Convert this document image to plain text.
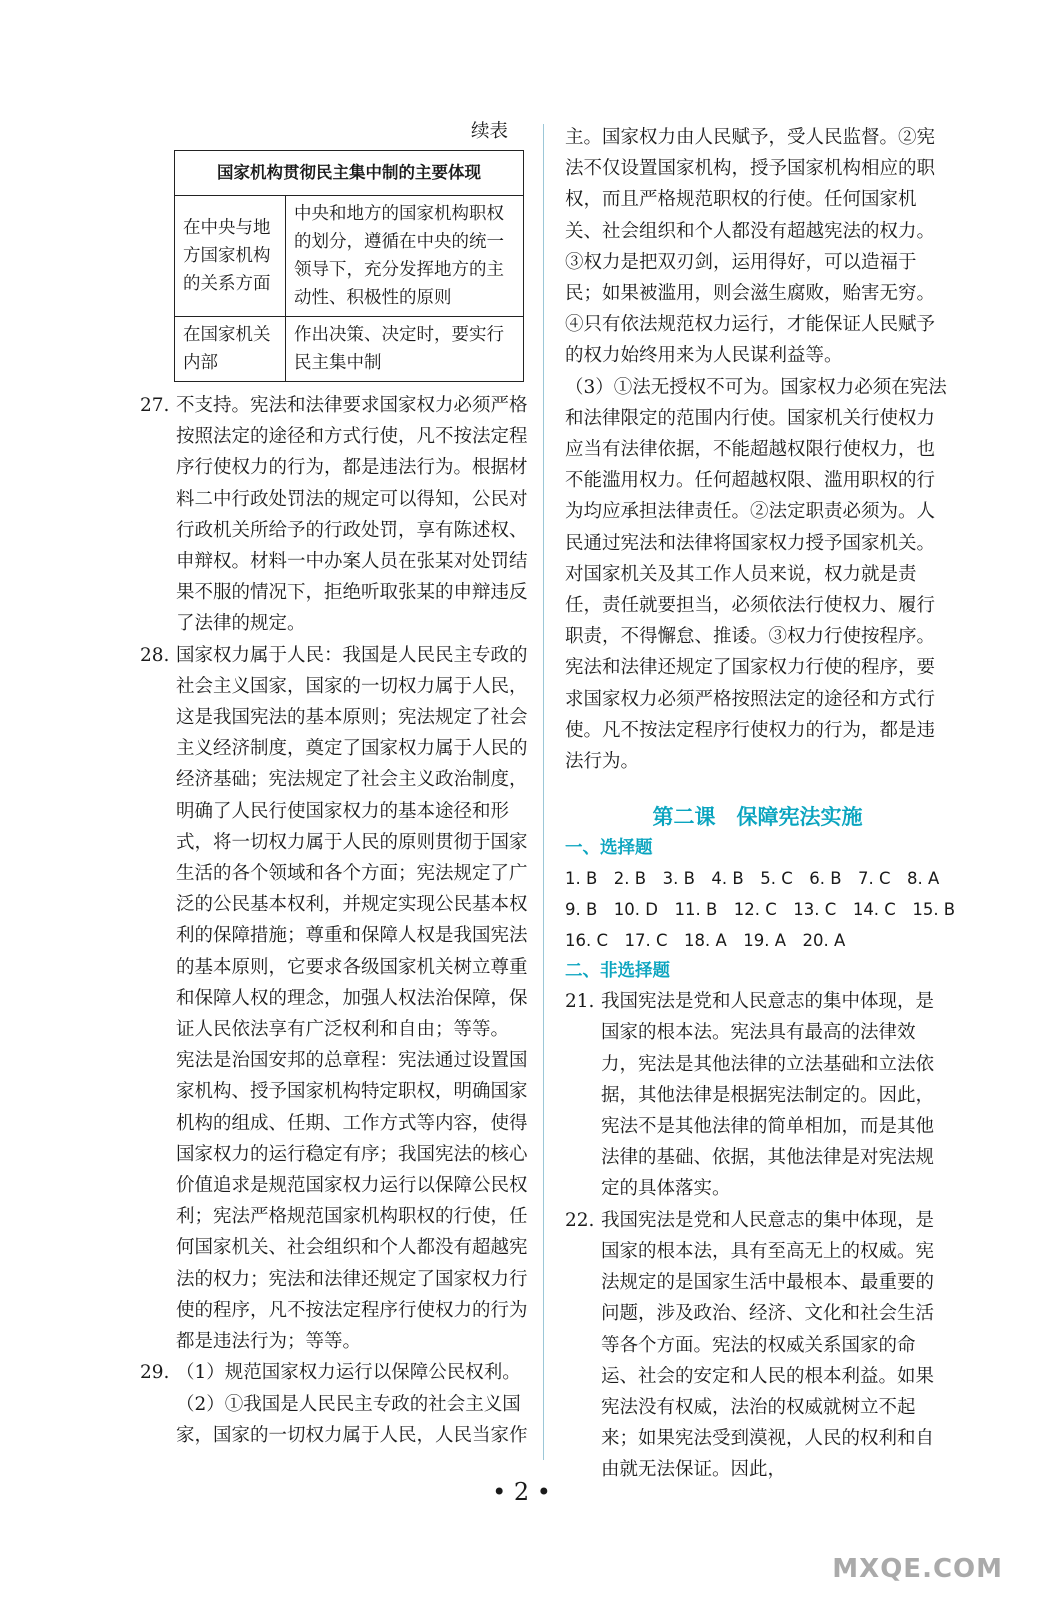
续表

国家机构贯彻民主集中制的主要体现	
在中央与地方国家机构的关系方面	中央和地方的国家机构职权的划分，遵循在中央的统一领导下，充分发挥地方的主动性、积极性的原则
在国家机关内部	作出决策、决定时，要实行民主集中制
27. 不支持。宪法和法律要求国家权力必须严格按照法定的途径和方式行使，凡不按法定程序行使权力的行为，都是违法行为。根据材料二中行政处罚法的规定可以得知，公民对行政机关所给予的行政处罚，享有陈述权、申辩权。材料一中办案人员在张某对处罚结果不服的情况下，拒绝听取张某的申辩违反了法律的规定。
28. 国家权力属于人民：我国是人民民主专政的社会主义国家，国家的一切权力属于人民，这是我国宪法的基本原则；宪法规定了社会主义经济制度，奠定了国家权力属于人民的经济基础；宪法规定了社会主义政治制度，明确了人民行使国家权力的基本途径和形式，将一切权力属于人民的原则贯彻于国家生活的各个领域和各个方面；宪法规定了广泛的公民基本权利，并规定实现公民基本权利的保障措施；尊重和保障人权是我国宪法的基本原则，它要求各级国家机关树立尊重和保障人权的理念，加强人权法治保障，保证人民依法享有广泛权利和自由；等等。

宪法是治国安邦的总章程：宪法通过设置国家机构、授予国家机构特定职权，明确国家机构的组成、任期、工作方式等内容，使得国家权力的运行稳定有序；我国宪法的核心价值追求是规范国家权力运行以保障公民权利；宪法严格规范国家机构职权的行使，任何国家机关、社会组织和个人都没有超越宪法的权力；宪法和法律还规定了国家权力行使的程序，凡不按法定程序行使权力的行为都是违法行为；等等。

29. （1）规范国家权力运行以保障公民权利。

（2）①我国是人民民主专政的社会主义国家，国家的一切权力属于人民，人民当家作

主。国家权力由人民赋予，受人民监督。②宪法不仅设置国家机构，授予国家机构相应的职权，而且严格规范职权的行使。任何国家机关、社会组织和个人都没有超越宪法的权力。③权力是把双刃剑，运用得好，可以造福于民；如果被滥用，则会滋生腐败，贻害无穷。④只有依法规范权力运行，才能保证人民赋予的权力始终用来为人民谋利益等。

（3）①法无授权不可为。国家权力必须在宪法和法律限定的范围内行使。国家机关行使权力应当有法律依据，不能超越权限行使权力，也不能滥用权力。任何超越权限、滥用职权的行为均应承担法律责任。②法定职责必须为。人民通过宪法和法律将国家权力授予国家机关。对国家机关及其工作人员来说，权力就是责任，责任就要担当，必须依法行使权力、履行职责，不得懈怠、推诿。③权力行使按程序。宪法和法律还规定了国家权力行使的程序，要求国家权力必须严格按照法定的途径和方式行使。凡不按法定程序行使权力的行为，都是违法行为。

第二课　保障宪法实施

一、选择题

1. B　2. B　3. B　4. B　5. C　6. B　7. C　8. A

9. B　10. D　11. B　12. C　13. C　14. C　15. B

16. C　17. C　18. A　19. A　20. A

二、非选择题

21. 我国宪法是党和人民意志的集中体现，是国家的根本法。宪法具有最高的法律效力，宪法是其他法律的立法基础和立法依据，其他法律是根据宪法制定的。因此，宪法不是其他法律的简单相加，而是其他法律的基础、依据，其他法律是对宪法规定的具体落实。
22. 我国宪法是党和人民意志的集中体现，是国家的根本法，具有至高无上的权威。宪法规定的是国家生活中最根本、最重要的问题，涉及政治、经济、文化和社会生活等各个方面。宪法的权威关系国家的命运、社会的安定和人民的根本利益。如果宪法没有权威，法治的权威就树立不起来；如果宪法受到漠视，人民的权利和自由就无法保证。因此，
• 2 •
MXQE.COM
